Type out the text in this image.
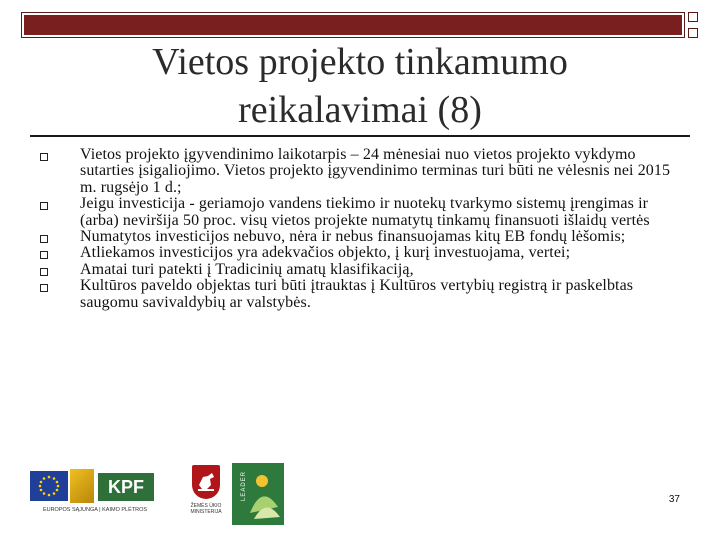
Vietos projekto tinkamumo reikalavimai (8)
Vietos projekto įgyvendinimo laikotarpis – 24 mėnesiai nuo vietos projekto vykdymo sutarties įsigaliojimo. Vietos projekto įgyvendinimo terminas turi būti ne vėlesnis nei 2015 m. rugsėjo 1 d.;
Jeigu investicija - geriamojo vandens tiekimo ir nuotekų tvarkymo sistemų įrengimas ir (arba) neviršija 50 proc. visų vietos projekte numatytų tinkamų finansuoti išlaidų vertės
Numatytos investicijos nebuvo, nėra ir nebus finansuojamas kitų EB fondų lėšomis;
Atliekamos investicijos yra adekvačios objekto, į kurį investuojama, vertei;
Amatai turi patekti į Tradicinių amatų klasifikaciją,
Kultūros paveldo objektas turi būti įtrauktas į Kultūros vertybių registrą ir paskelbtas saugomu savivaldybių ar valstybės.
KPF
EUROPOS SĄJUNGA | KAIMO PLĖTROS
ŽEMĖS ŪKIO MINISTERIJA
LEADER	37
